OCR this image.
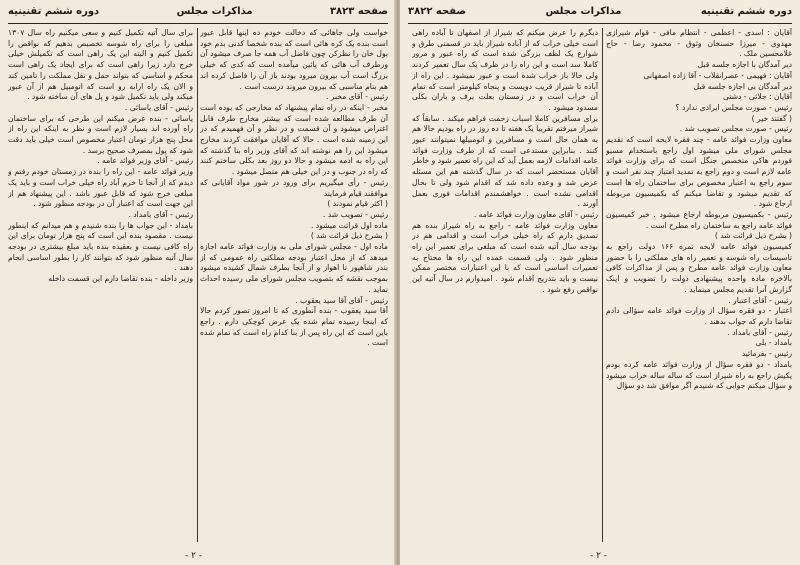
صفحه ۳۸۲۳
مذاکرات مجلس
دوره ششم تقنینیه

خواست ولی جاهائی که دخالت خودم ده اینها قابل عبور است بنده یک کره هائی است که بنده شخصا کدنی بدم خود بول خان را نظرکن چون فاضل آب همه جا صرف میشود آن ورطرف آب هائی که پائین میآمده است که کدی که خیلی بزرگ است آب بیرون میرود بودند باز آن را فاصل کرده اند هم بنام مناسبی که بیرون میروند درست است .

رئیس - آقای مخبر .

مخبر - اینکه در راه تمام پیشنهاد که مخارجی که بوده است آن طرف مطالعه شده است که بیشتر مخارج طرف قابل اغتراض میشود و آن قسمت و در نظر و آن فهمیدم که در این زمینه شده است . حالا که آقایان موافقت کردند مخارج میشود این را هم نوشته اند که آقای وزیر راه بنا گذشته که این راه به ادمه میشود و حالا دو روز بعد بکلی ساختم کنند که راه در جنوب و در این خیلی هم متصل میشود .

رئیس - رأی میگیریم برای ورود در شور مواد آقایانی که موافقند قیام فرمایند

( اکثر قیام نمودند )

رئیس - تصویب شد .

ماده اول قرائت میشود .

( بشرح ذیل قرائت شد )

ماده اول - مجلس شورای ملی به وزارت فوائد عامه اجازه میدهد که از محل اعتبار بودجه مملکتی راه عمومی که از بندر شاهپور تا اهواز و از آنجا بطرف شمال کشیده میشود بموجب نقشه که بتصویب مجلس شورای ملی رسیده احداث نماید .

رئیس - آقای آقا سید یعقوب .

آقا سید یعقوب - بنده آنطوری که تا امروز تصور کردم حالا که اینجا رسیده تمام شده یک عرض کوچکی دارم . راجع باین است که این راه پس از بنا کدام راه است که تمام شده است .

برای سال آتیه تکمیل کنیم و سعی میکنیم راه سال ۱۳۰۷ مبلغی را برای راه شوسه تخصیص بدهیم که نواقص را تکمیل کنیم و البته این یک راهی است که تکمیلش خیلی خرج دارد زیرا راهی است که برای ایجاد یک راهی است محکم و اساسی که بتواند حمل و نقل مملکت را تامین کند و الان یک راه ارابه رو است که اتومبیل هم از آن عبور میکند ولی باید تکمیل شود و پل های آن ساخته شود .

رئیس - آقای یاسائی .

یاسائی - بنده عرض میکنم این طرحی که برای ساختمان راه آورده اند بسیار لازم است و نظر به اینکه این راه از محل پنج هزار تومان اعتبار مخصوص است خیلی باید دقت شود که پول بمصرف صحیح برسد .

رئیس - آقای وزیر فوائد عامه .

وزیر فوائد عامه - این راه را بنده در زمستان خودم رفتم و دیدم که از آنجا تا خرم آباد راه خیلی خراب است و باید یک مبلغی خرج شود که قابل عبور باشد . این پیشنهاد هم از این جهت است که اعتبار آن در بودجه منظور شود .

رئیس - آقای بامداد .

بامداد - این جواب ها را بنده شنیدم و هم میدانم که اینطور نیست . مقصود بنده این است که پنج هزار تومان برای این راه کافی نیست و بعقیده بنده باید مبلغ بیشتری در بودجه سال آتیه منظور شود که بتوانند کار را بطور اساسی انجام دهند .

وزیر داخله - بنده تقاضا دارم این قسمت داخله

- ۲ -
دوره ششم تقنینیه
مذاکرات مجلس
صفحه ۳۸۲۲

آقایان : اسدی - اعظمی - انتظام مافی - قوام شیرازی مهدوی - میرزا حسنخان وثوق - محمود رضا - حاج غلامحسین ملک .

دیر آمدگان با اجازه جلسه قبل

آقایان : فهیمی - عصرانقلاب - آقا زاده اصفهانی

دیر آمدگان بی اجازه جلسه قبل

آقایان : جلائی - دشتی

رئیس - صورت مجلس ایرادی ندارد ؟

( گفتند خیر )

رئیس - صورت مجلس تصویب شد .

معاون وزارت فوائد عامه - چند فقره لایحه است که تقدیم مجلس شورای ملی میشود اول راجع باستخدام مسیو فوردم هاکی متخصص جنگل است که برای وزارت فوائد عامه لازم است و دوم راجع به تمدید امتیاز چند نفر است و سوم راجع به اعتبار مخصوص برای ساختمان راه ها است که تقدیم میشود و تقاضا میکنم که بکمیسیون مربوطه ارجاع شود .

رئیس - بکمیسیون مربوطه ارجاع میشود . خبر کمیسیون فوائد عامه راجع به ساختمان راه مطرح است .

( بشرح ذیل قرائت شد )

کمیسیون فوائد عامه لایحه نمره ۱۶۶ دولت راجع به تاسیسات راه شوسه و تعمیر راه های مملکتی را با حضور معاون وزارت فوائد عامه مطرح و پس از مذاکرات کافی بالاخره ماده واحده پیشنهادی دولت را تصویب و اینک گزارش آنرا تقدیم مجلس مینماید .

رئیس - آقای اعتبار .

اعتبار - دو فقره سؤال از وزارت فوائد عامه سؤالی دادم تقاضا دارم که جواب بدهند .

رئیس - آقای بامداد .

بامداد - بلی

رئیس - بفرمائید

بامداد - دو فقره سؤال از وزارت فوائد عامه کرده بودم یکیش راجع به راه شیراز است که ساله ساله خراب میشود و سؤال میکنم جوابی که شنیدم اگر موافق شد دو سؤال

دیگرم را عرض میکنم که شیراز از اصفهان تا آباده راهی است خیلی خراب که از آباده شیراز باید در قسمتی طرق و شوارع یک لطف بزرگی شده است که راه عبور و مرور کاملا سد است و این راه را در ظرف یک سال تعمیر کردند ولی حالا باز خراب شده است و عبور نمیشود . این راه از آباده تا شیراز قریب دویست و پنجاه کیلومتر است که تمام آن خراب است و در زمستان بعلت برف و باران بکلی مسدود میشود .

برای مسافرین کاملا اسباب زحمت فراهم میکند . سابقاً که شیراز میرفتم تقریبا یک هفته تا ده روز در راه بودیم حالا هم به همان حال است و مسافرین و اتومبیلها نمیتوانند عبور کنند . بنابراین مستدعی است که از طرف وزارت فوائد عامه اقدامات لازمه بعمل آید که این راه تعمیر شود و خاطر آقایان مستحضر است که در سال گذشته هم این مسئله عرض شد و وعده داده شد که اقدام شود ولی تا بحال اقدامی نشده است . خواهشمندم اقدامات فوری بعمل آورند .

رئیس - آقای معاون وزارت فوائد عامه .

معاون وزارت فوائد عامه - راجع به راه شیراز بنده هم تصدیق دارم که راه خیلی خراب است و اقدامی هم در بودجه سال آتیه شده است که مبلغی برای تعمیر این راه منظور شود . ولی قسمت عمده این راه ها محتاج به تعمیرات اساسی است که با این اعتبارات مختصر ممکن نیست و باید بتدریج اقدام شود . امیدوارم در سال آتیه این نواقص رفع شود .

- ۲ -
